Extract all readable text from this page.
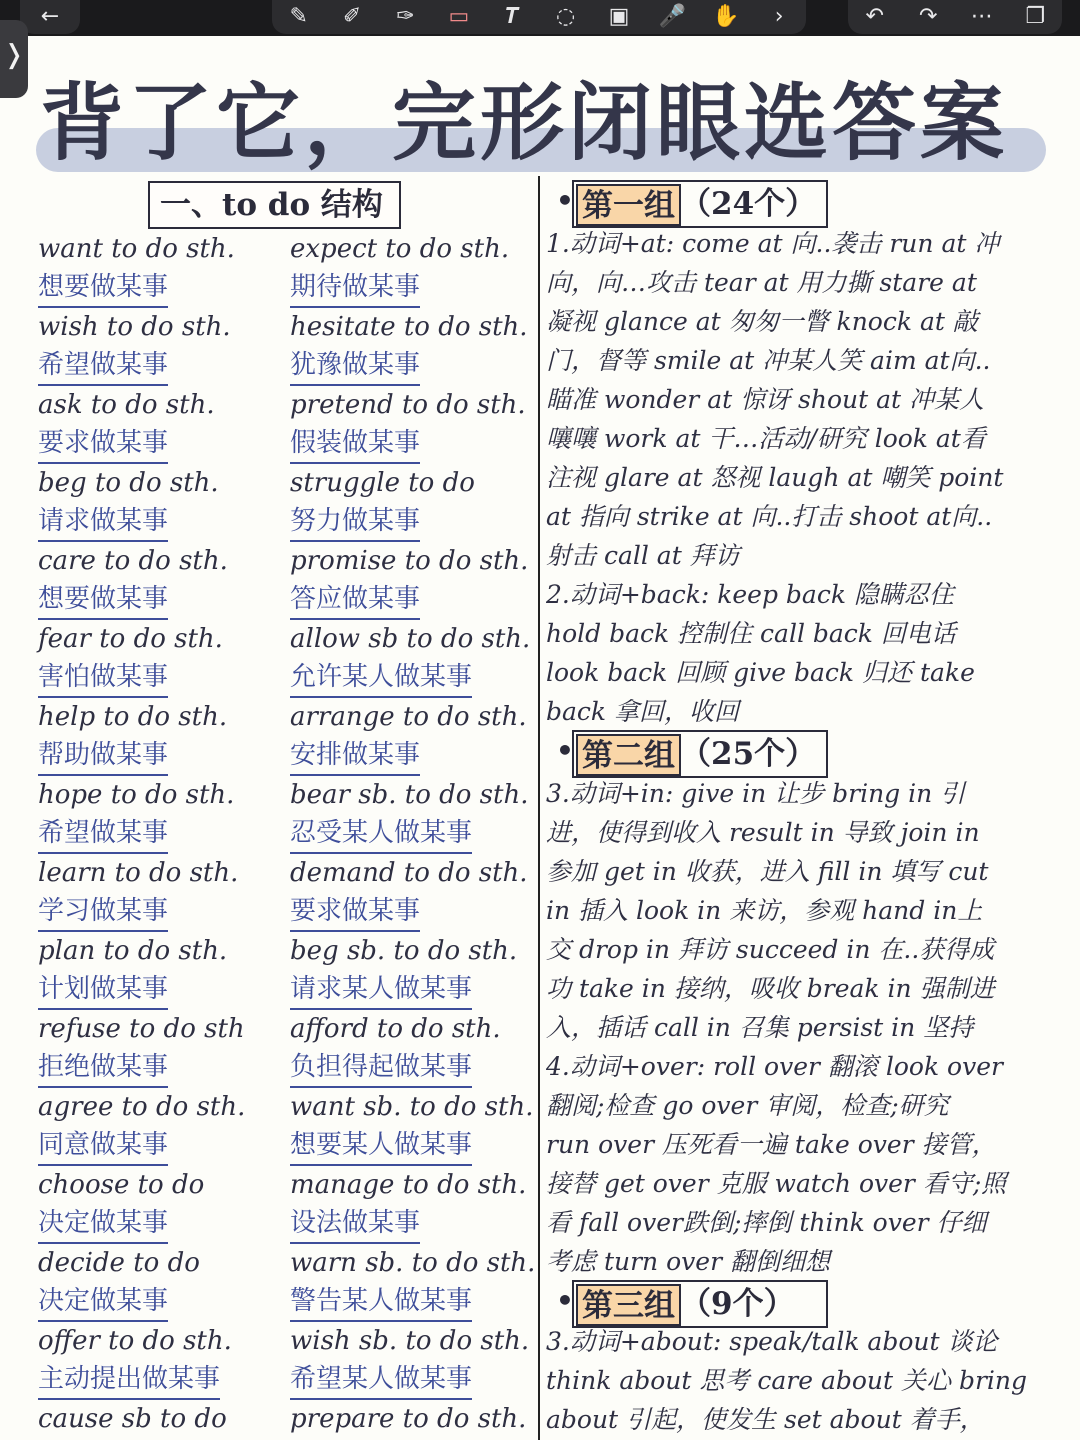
←	✎ ✐ ✑ ▭	𝑻	◌ ▣ 🎤 ✋	›	↶ ↷ ⋯ ❐
❭
背了它，完形闭眼选答案
一、to do 结构
want to do sth.
想要做某事
wish to do sth.
希望做某事
ask to do sth.
要求做某事
beg to do sth.
请求做某事
care to do sth.
想要做某事
fear to do sth.
害怕做某事
help to do sth.
帮助做某事
hope to do sth.
希望做某事
learn to do sth.
学习做某事
plan to do sth.
计划做某事
refuse to do sth
拒绝做某事
agree to do sth.
同意做某事
choose to do
决定做某事
decide to do
决定做某事
offer to do sth.
主动提出做某事
cause sb to do
expect to do sth.
期待做某事
hesitate to do sth.
犹豫做某事
pretend to do sth.
假装做某事
struggle to do
努力做某事
promise to do sth.
答应做某事
allow sb to do sth.
允许某人做某事
arrange to do sth.
安排做某事
bear sb. to do sth.
忍受某人做某事
demand to do sth.
要求做某事
beg sb. to do sth.
请求某人做某事
afford to do sth.
负担得起做某事
want sb. to do sth.
想要某人做某事
manage to do sth.
设法做某事
warn sb. to do sth.
警告某人做某事
wish sb. to do sth.
希望某人做某事
prepare to do sth.
• 第一组 （24个）
• 第二组 （25个）
• 第三组 （9个）
1.动词+at: come at 向..袭击 run at 冲
向，向…攻击 tear at 用力撕 stare at
凝视 glance at 匆匆一瞥 knock at 敲
门，督等 smile at 冲某人笑 aim at向..
瞄准 wonder at 惊讶 shout at 冲某人
嚷嚷 work at 干…活动/研究 look at看
注视 glare at 怒视 laugh at 嘲笑 point
at 指向 strike at 向..打击 shoot at向..
射击 call at 拜访
2.动词+back: keep back 隐瞒忍住
hold back 控制住 call back 回电话
look back 回顾 give back 归还 take
back 拿回，收回
3.动词+in: give in 让步 bring in 引
进，使得到收入 result in 导致 join in
参加 get in 收获，进入 fill in 填写 cut
in 插入 look in 来访，参观 hand in上
交 drop in 拜访 succeed in 在..获得成
功 take in 接纳，吸收 break in 强制进
入，插话 call in 召集 persist in 坚持
4.动词+over: roll over 翻滚 look over
翻阅;检查 go over 审阅，检查;研究
run over 压死看一遍 take over 接管，
接替 get over 克服 watch over 看守;照
看 fall over跌倒;摔倒 think over 仔细
考虑 turn over 翻倒细想
3.动词+about: speak/talk about 谈论
think about 思考 care about 关心 bring
about 引起，使发生 set about 着手，
